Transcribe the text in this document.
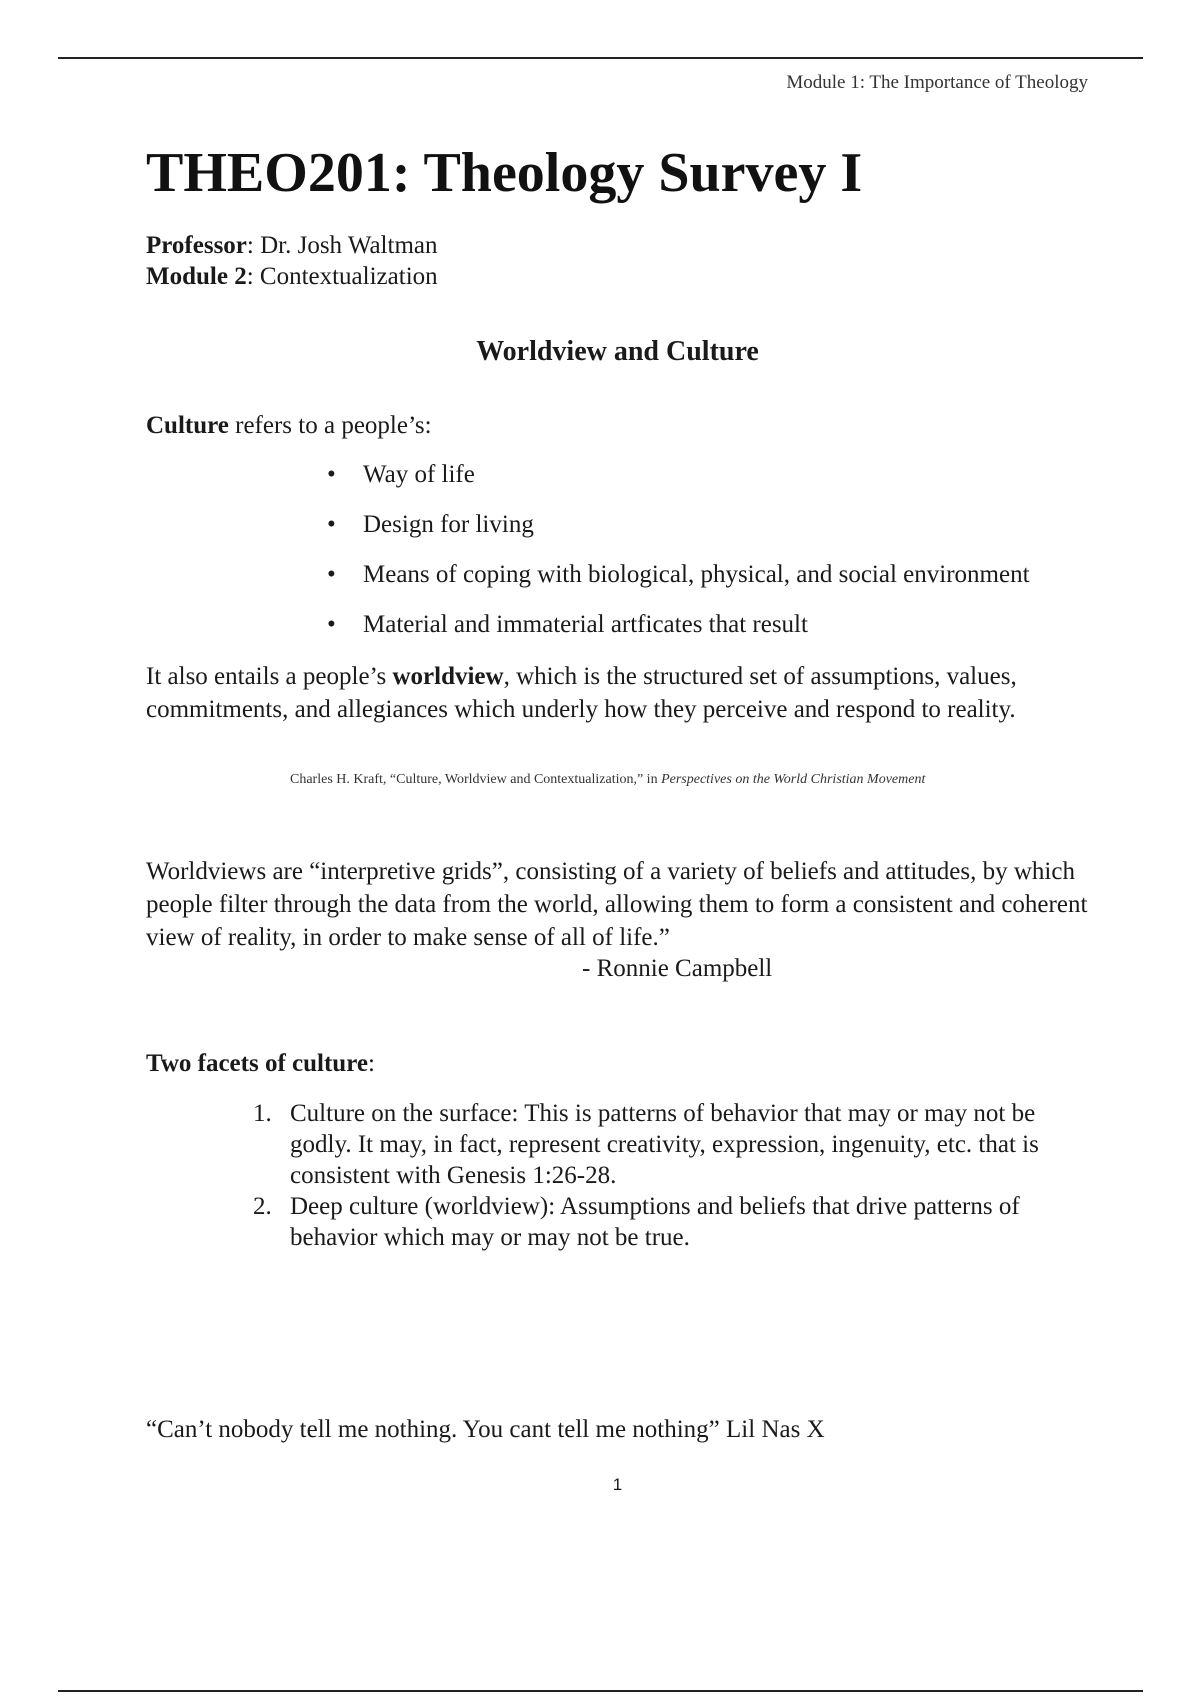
Module 1: The Importance of Theology
THEO201: Theology Survey I
Professor: Dr. Josh Waltman
Module 2: Contextualization
Worldview and Culture
Culture refers to a people’s:
• Way of life
• Design for living
• Means of coping with biological, physical, and social environment
• Material and immaterial artficates that result

It also entails a people’s worldview, which is the structured set of assumptions, values, commitments, and allegiances which underly how they perceive and respond to reality.

Charles H. Kraft, “Culture, Worldview and Contextualization,” in Perspectives on the World Christian Movement

Worldviews are “interpretive grids”, consisting of a variety of beliefs and attitudes, by which people filter through the data from the world, allowing them to form a consistent and coherent view of reality, in order to make sense of all of life.”

- Ronnie Campbell
Two facets of culture:
1. Culture on the surface: This is patterns of behavior that may or may not be godly. It may, in fact, represent creativity, expression, ingenuity, etc. that is consistent with Genesis 1:26-28.
2. Deep culture (worldview): Assumptions and beliefs that drive patterns of behavior which may or may not be true.
“Can’t nobody tell me nothing. You cant tell me nothing” Lil Nas X
1
